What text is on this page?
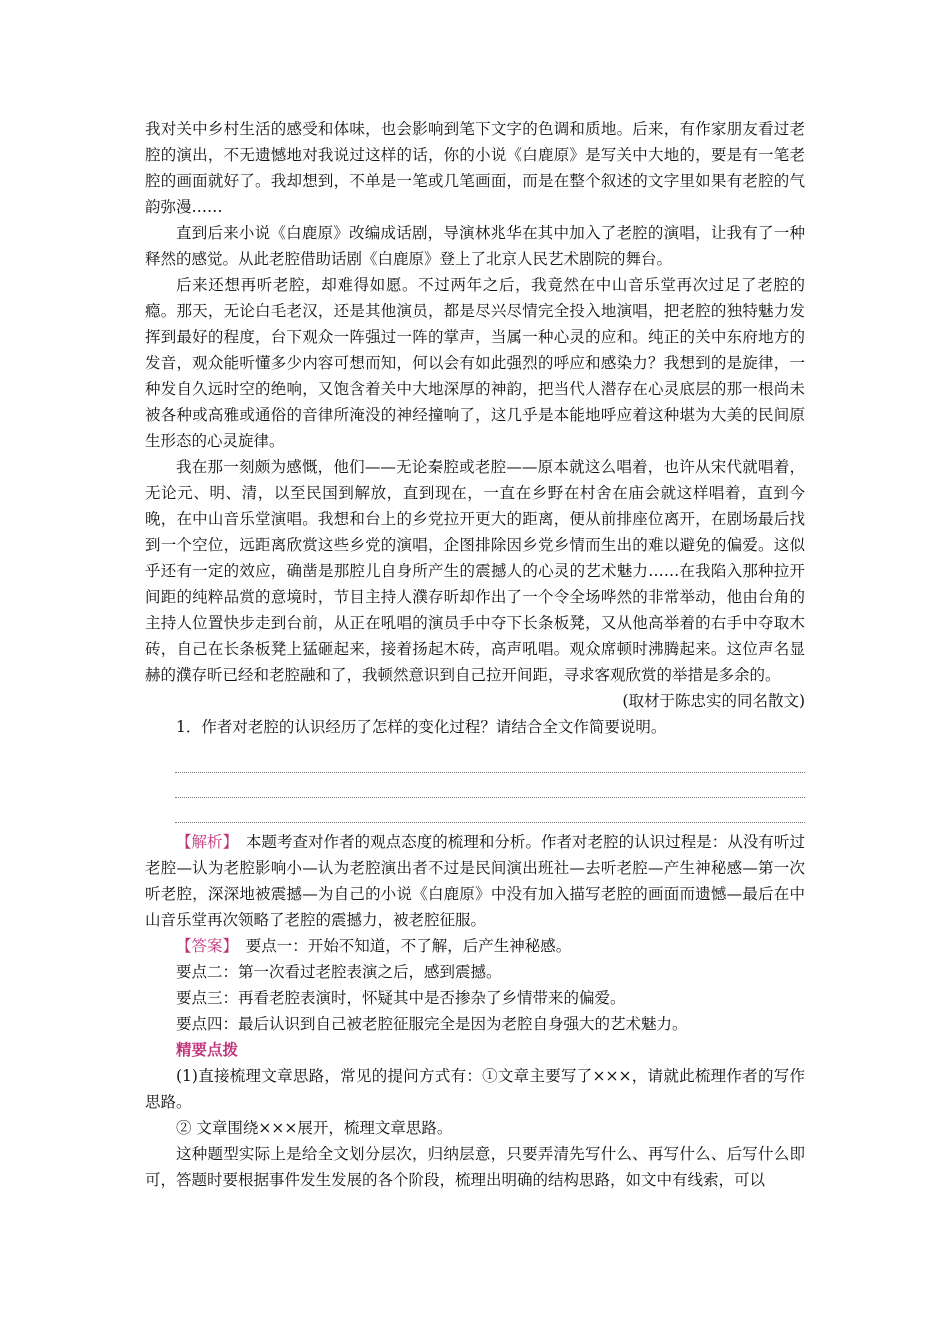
我对关中乡村生活的感受和体味，也会影响到笔下文字的色调和质地。后来，有作家朋友看过老腔的演出，不无遗憾地对我说过这样的话，你的小说《白鹿原》是写关中大地的，要是有一笔老腔的画面就好了。我却想到，不单是一笔或几笔画面，而是在整个叙述的文字里如果有老腔的气韵弥漫……

直到后来小说《白鹿原》改编成话剧，导演林兆华在其中加入了老腔的演唱，让我有了一种释然的感觉。从此老腔借助话剧《白鹿原》登上了北京人民艺术剧院的舞台。

后来还想再听老腔，却难得如愿。不过两年之后，我竟然在中山音乐堂再次过足了老腔的瘾。那天，无论白毛老汉，还是其他演员，都是尽兴尽情完全投入地演唱，把老腔的独特魅力发挥到最好的程度，台下观众一阵强过一阵的掌声，当属一种心灵的应和。纯正的关中东府地方的发音，观众能听懂多少内容可想而知，何以会有如此强烈的呼应和感染力？我想到的是旋律，一种发自久远时空的绝响，又饱含着关中大地深厚的神韵，把当代人潜存在心灵底层的那一根尚未被各种或高雅或通俗的音律所淹没的神经撞响了，这几乎是本能地呼应着这种堪为大美的民间原生形态的心灵旋律。

我在那一刻颇为感慨，他们——无论秦腔或老腔——原本就这么唱着，也许从宋代就唱着，无论元、明、清，以至民国到解放，直到现在，一直在乡野在村舍在庙会就这样唱着，直到今晚，在中山音乐堂演唱。我想和台上的乡党拉开更大的距离，便从前排座位离开，在剧场最后找到一个空位，远距离欣赏这些乡党的演唱，企图排除因乡党乡情而生出的难以避免的偏爱。这似乎还有一定的效应，确凿是那腔儿自身所产生的震撼人的心灵的艺术魅力……在我陷入那种拉开间距的纯粹品赏的意境时，节目主持人濮存昕却作出了一个令全场哗然的非常举动，他由台角的主持人位置快步走到台前，从正在吼唱的演员手中夺下长条板凳，又从他高举着的右手中夺取木砖，自己在长条板凳上猛砸起来，接着扬起木砖，高声吼唱。观众席顿时沸腾起来。这位声名显赫的濮存昕已经和老腔融和了，我顿然意识到自己拉开间距，寻求客观欣赏的举措是多余的。

(取材于陈忠实的同名散文)

1．作者对老腔的认识经历了怎样的变化过程？请结合全文作简要说明。

【解析】　 本题考查对作者的观点态度的梳理和分析。作者对老腔的认识过程是：从没有听过老腔—认为老腔影响小—认为老腔演出者不过是民间演出班社—去听老腔—产生神秘感—第一次听老腔，深深地被震撼—为自己的小说《白鹿原》中没有加入描写老腔的画面而遗憾—最后在中山音乐堂再次领略了老腔的震撼力，被老腔征服。

【答案】　 要点一：开始不知道，不了解，后产生神秘感。

要点二：第一次看过老腔表演之后，感到震撼。

要点三：再看老腔表演时，怀疑其中是否掺杂了乡情带来的偏爱。

要点四：最后认识到自己被老腔征服完全是因为老腔自身强大的艺术魅力。

精要点拨

(1)直接梳理文章思路，常见的提问方式有：①文章主要写了×××，请就此梳理作者的写作思路。

② 文章围绕×××展开，梳理文章思路。

这种题型实际上是给全文划分层次，归纳层意，只要弄清先写什么、再写什么、后写什么即可，答题时要根据事件发生发展的各个阶段，梳理出明确的结构思路，如文中有线索，可以
